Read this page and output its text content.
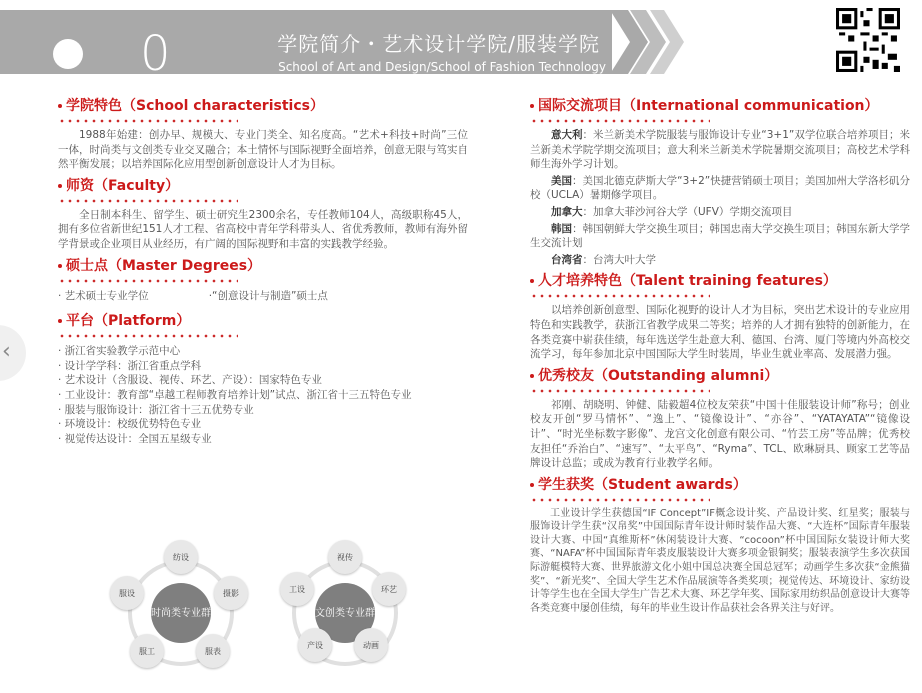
0	学院简介・艺术设计学院/服装学院
School of Art and Design/School of Fashion Technology
‹
学院特色（School characteristics）

1988年始建：创办早、规模大、专业门类全、知名度高。“艺术+科技+时尚”三位一体，时尚类与文创类专业交叉融合；本土情怀与国际视野全面培养，创意无限与笃实自然平衡发展；以培养国际化应用型创新创意设计人才为目标。

师资（Faculty）

全日制本科生、留学生、硕士研究生2300余名，专任教师104人，高级职称45人，拥有多位省新世纪151人才工程、省高校中青年学科带头人、省优秀教师，教师有海外留学背景或企业项目从业经历，有广阔的国际视野和丰富的实践教学经验。

硕士点（Master Degrees）
· 艺术硕士专业学位	·“创意设计与制造”硕士点
平台（Platform）

· 浙江省实验教学示范中心

· 设计学学科：浙江省重点学科

· 艺术设计（含服设、视传、环艺、产设）：国家特色专业

· 工业设计：教育部“卓越工程师教育培养计划”试点、浙江省十三五特色专业

· 服装与服饰设计：浙江省十三五优势专业

· 环境设计：校级优势特色专业

· 视觉传达设计：全国五星级专业

时尚类专业群
纺设
摄影
服表
服工
服设
文创类专业群
视传
环艺
动画
产设
工设
国际交流项目（International communication）

意大利：米兰新美术学院服装与服饰设计专业“3+1”双学位联合培养项目；米兰新美术学院学期交流项目；意大利米兰新美术学院暑期交流项目；高校艺术学科师生海外学习计划。

美国：美国北德克萨斯大学“3+2”快捷营销硕士项目；美国加州大学洛杉矶分校（UCLA）暑期修学项目。

加拿大：加拿大菲沙河谷大学（UFV）学期交流项目

韩国：韩国朝鲜大学交换生项目；韩国忠南大学交换生项目；韩国东新大学学生交流计划

台湾省：台湾大叶大学

人才培养特色（Talent training features）

以培养创新创意型、国际化视野的设计人才为目标，突出艺术设计的专业应用特色和实践教学，获浙江省教学成果二等奖；培养的人才拥有独特的创新能力，在各类竞赛中崭获佳绩，每年选送学生赴意大利、德国、台湾、厦门等境内外高校交流学习，每年参加北京中国国际大学生时装周，毕业生就业率高、发展潜力强。

优秀校友（Outstanding alumni）

祁刚、胡晓明、钟健、陆毅超4位校友荣获“中国十佳服装设计师”称号；创业校友开创“罗马情怀”、“逸上”、“镜像设计”、“亦谷”、“YATAYATA”“镜像设计”、“时光坐标数字影像”、龙宫文化创意有限公司、“竹芸工房”等品牌；优秀校友担任“乔治白”、“速写”、“太平鸟”、“Ryma”、TCL、欧琳厨具、顾家工艺等品牌设计总监；或成为教育行业教学名师。

学生获奖（Student awards）

工业设计学生获德国“IF Concept”IF概念设计奖、产品设计奖、红星奖；服装与服饰设计学生获“汉帛奖”中国国际青年设计师时装作品大赛、“大连杯”国际青年服装设计大赛、中国“真维斯杯”休闲装设计大赛、“cocoon”杯中国国际女装设计师大奖赛、“NAFA”杯中国国际青年裘皮服装设计大赛多项金银铜奖；服装表演学生多次获国际游艇模特大赛、世界旅游文化小姐中国总决赛全国总冠军；动画学生多次获“金熊猫奖”、“新光奖”、全国大学生艺术作品展演等各类奖项；视觉传达、环境设计、家纺设计等学生也在全国大学生广告艺术大赛、环艺学年奖、国际家用纺织品创意设计大赛等各类竞赛中屡创佳绩，每年的毕业生设计作品获社会各界关注与好评。
